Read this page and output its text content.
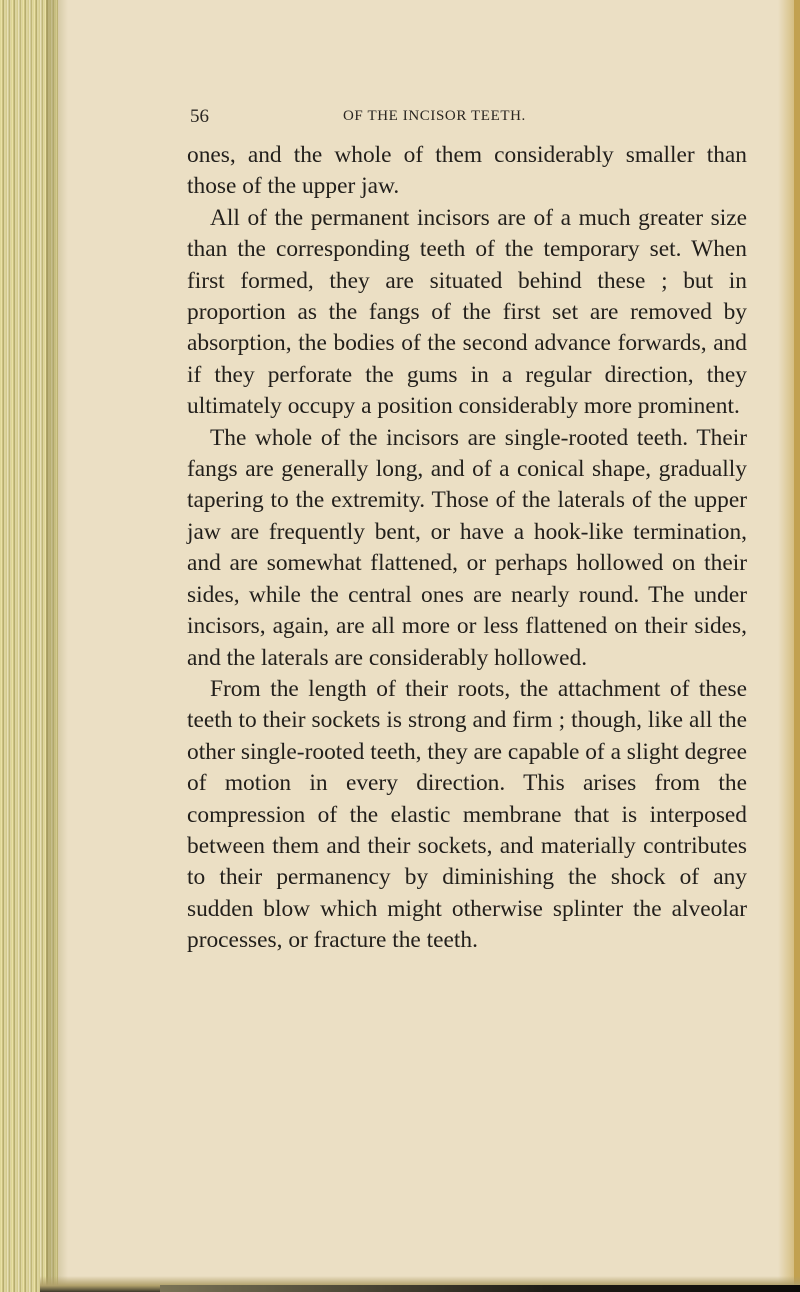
56	OF THE INCISOR TEETH.

ones, and the whole of them considerably smaller than those of the upper jaw.

All of the permanent incisors are of a much greater size than the corresponding teeth of the temporary set. When first formed, they are situated behind these ; but in proportion as the fangs of the first set are removed by absorption, the bodies of the second advance forwards, and if they perforate the gums in a regular direction, they ultimately occupy a position considerably more prominent.

The whole of the incisors are single-rooted teeth. Their fangs are generally long, and of a conical shape, gradually tapering to the extremity. Those of the laterals of the upper jaw are frequently bent, or have a hook-like termination, and are somewhat flattened, or perhaps hollowed on their sides, while the central ones are nearly round. The under incisors, again, are all more or less flattened on their sides, and the laterals are considerably hollowed.

From the length of their roots, the attachment of these teeth to their sockets is strong and firm ; though, like all the other single-rooted teeth, they are capable of a slight degree of motion in every direction. This arises from the compression of the elastic membrane that is interposed between them and their sockets, and materially contributes to their permanency by diminishing the shock of any sudden blow which might otherwise splinter the alveolar processes, or fracture the teeth.
